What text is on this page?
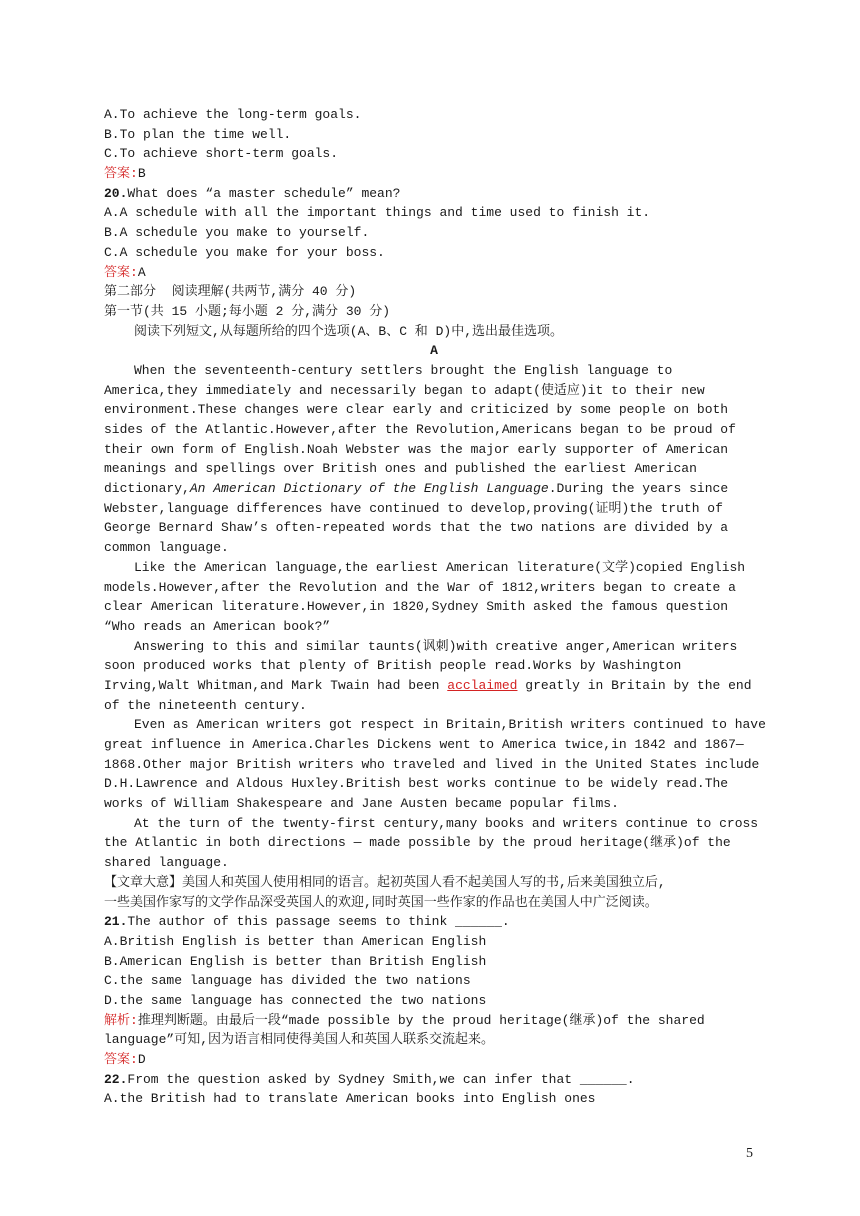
A.To achieve the long-term goals.
B.To plan the time well.
C.To achieve short-term goals.
答案:B
20.What does “a master schedule” mean?
A.A schedule with all the important things and time used to finish it.
B.A schedule you make to yourself.
C.A schedule you make for your boss.
答案:A
第二部分  阅读理解(共两节,满分 40 分)
第一节(共 15 小题;每小题 2 分,满分 30 分)
阅读下列短文,从每题所给的四个选项(A、B、C 和 D)中,选出最佳选项。
A
When the seventeenth-century settlers brought the English language to
America,they immediately and necessarily began to adapt(使适应)it to their new
environment.These changes were clear early and criticized by some people on both
sides of the Atlantic.However,after the Revolution,Americans began to be proud of
their own form of English.Noah Webster was the major early supporter of American
meanings and spellings over British ones and published the earliest American
dictionary,An American Dictionary of the English Language.During the years since
Webster,language differences have continued to develop,proving(证明)the truth of
George Bernard Shaw’s often-repeated words that the two nations are divided by a
common language.
Like the American language,the earliest American literature(文学)copied English
models.However,after the Revolution and the War of 1812,writers began to create a
clear American literature.However,in 1820,Sydney Smith asked the famous question
“Who reads an American book?”
Answering to this and similar taunts(讽刺)with creative anger,American writers
soon produced works that plenty of British people read.Works by Washington
Irving,Walt Whitman,and Mark Twain had been acclaimed greatly in Britain by the end
of the nineteenth century.
Even as American writers got respect in Britain,British writers continued to have
great influence in America.Charles Dickens went to America twice,in 1842 and 1867—
1868.Other major British writers who traveled and lived in the United States include
D.H.Lawrence and Aldous Huxley.British best works continue to be widely read.The
works of William Shakespeare and Jane Austen became popular films.
At the turn of the twenty-first century,many books and writers continue to cross
the Atlantic in both directions — made possible by the proud heritage(继承)of the
shared language.
【文章大意】美国人和英国人使用相同的语言。起初英国人看不起美国人写的书,后来美国独立后,
一些美国作家写的文学作品深受英国人的欢迎,同时英国一些作家的作品也在美国人中广泛阅读。
21.The author of this passage seems to think ______.
A.British English is better than American English
B.American English is better than British English
C.the same language has divided the two nations
D.the same language has connected the two nations
解析:推理判断题。由最后一段“made possible by the proud heritage(继承)of the shared
language”可知,因为语言相同使得美国人和英国人联系交流起来。
答案:D
22.From the question asked by Sydney Smith,we can infer that ______.
A.the British had to translate American books into English ones
5
